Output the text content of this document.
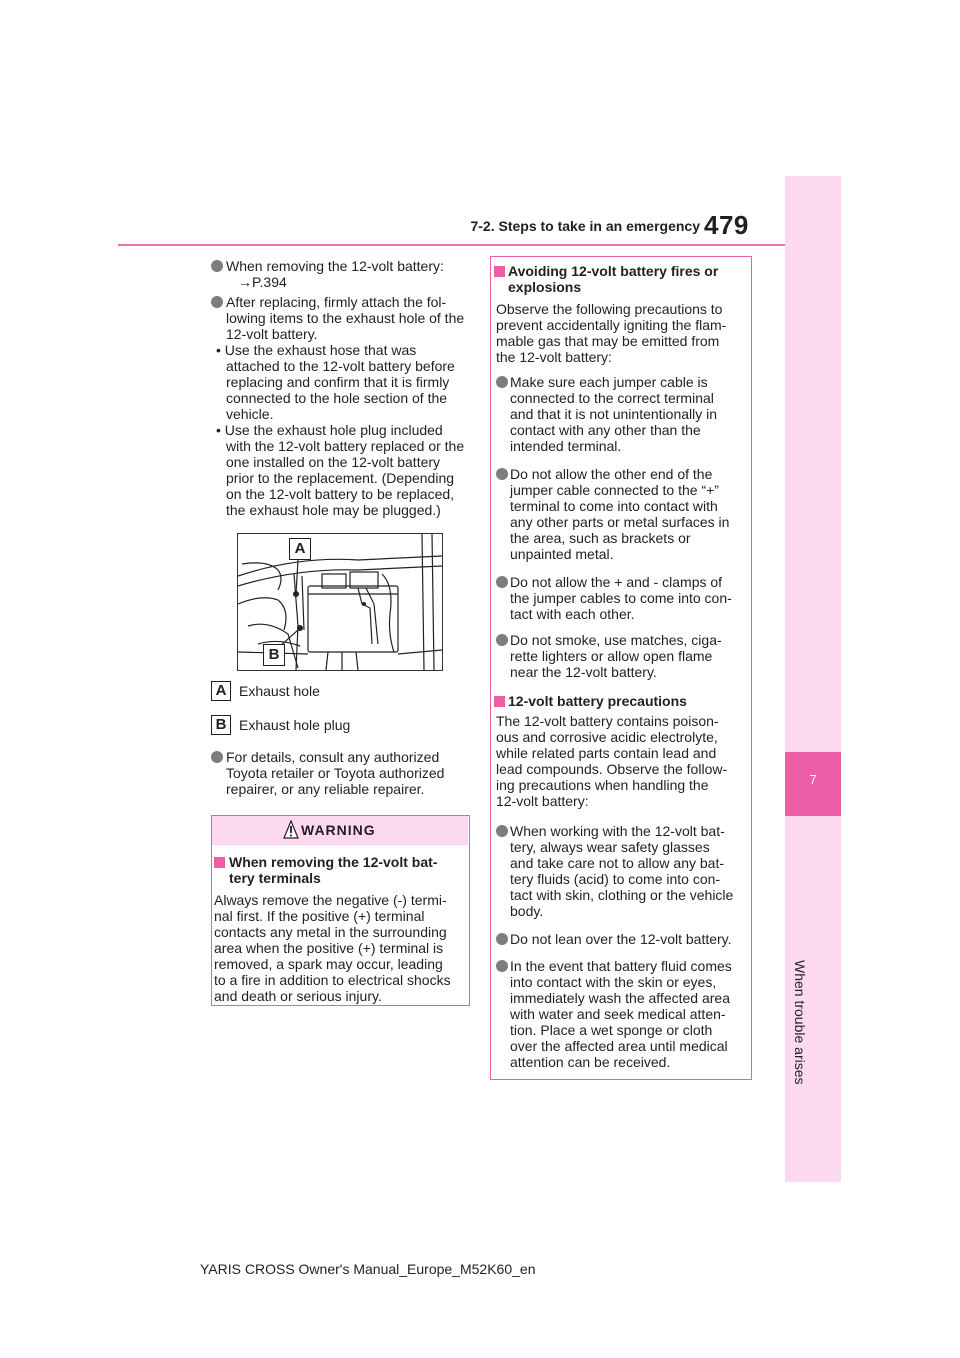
7-2. Steps to take in an emergency 479
7
When trouble arises
When removing the 12-volt battery:
→P.394
After replacing, firmly attach the fol-
lowing items to the exhaust hole of the
12-volt battery.
• Use the exhaust hose that was
attached to the 12-volt battery before
replacing and confirm that it is firmly
connected to the hole section of the
vehicle.
• Use the exhaust hole plug included
with the 12-volt battery replaced or the
one installed on the 12-volt battery
prior to the replacement. (Depending
on the 12-volt battery to be replaced,
the exhaust hole may be plugged.)
A
B
A Exhaust hole
B Exhaust hole plug
For details, consult any authorized
Toyota retailer or Toyota authorized
repairer, or any reliable repairer.
WARNING
When removing the 12-volt bat-
tery terminals
Always remove the negative (-) termi-
nal first. If the positive (+) terminal
contacts any metal in the surrounding
area when the positive (+) terminal is
removed, a spark may occur, leading
to a fire in addition to electrical shocks
and death or serious injury.
Avoiding 12-volt battery fires or
explosions
Observe the following precautions to
prevent accidentally igniting the flam-
mable gas that may be emitted from
the 12-volt battery:
Make sure each jumper cable is
connected to the correct terminal
and that it is not unintentionally in
contact with any other than the
intended terminal.
Do not allow the other end of the
jumper cable connected to the “+”
terminal to come into contact with
any other parts or metal surfaces in
the area, such as brackets or
unpainted metal.
Do not allow the + and - clamps of
the jumper cables to come into con-
tact with each other.
Do not smoke, use matches, ciga-
rette lighters or allow open flame
near the 12-volt battery.
12-volt battery precautions
The 12-volt battery contains poison-
ous and corrosive acidic electrolyte,
while related parts contain lead and
lead compounds. Observe the follow-
ing precautions when handling the
12-volt battery:
When working with the 12-volt bat-
tery, always wear safety glasses
and take care not to allow any bat-
tery fluids (acid) to come into con-
tact with skin, clothing or the vehicle
body.
Do not lean over the 12-volt battery.
In the event that battery fluid comes
into contact with the skin or eyes,
immediately wash the affected area
with water and seek medical atten-
tion. Place a wet sponge or cloth
over the affected area until medical
attention can be received.
YARIS CROSS Owner's Manual_Europe_M52K60_en
